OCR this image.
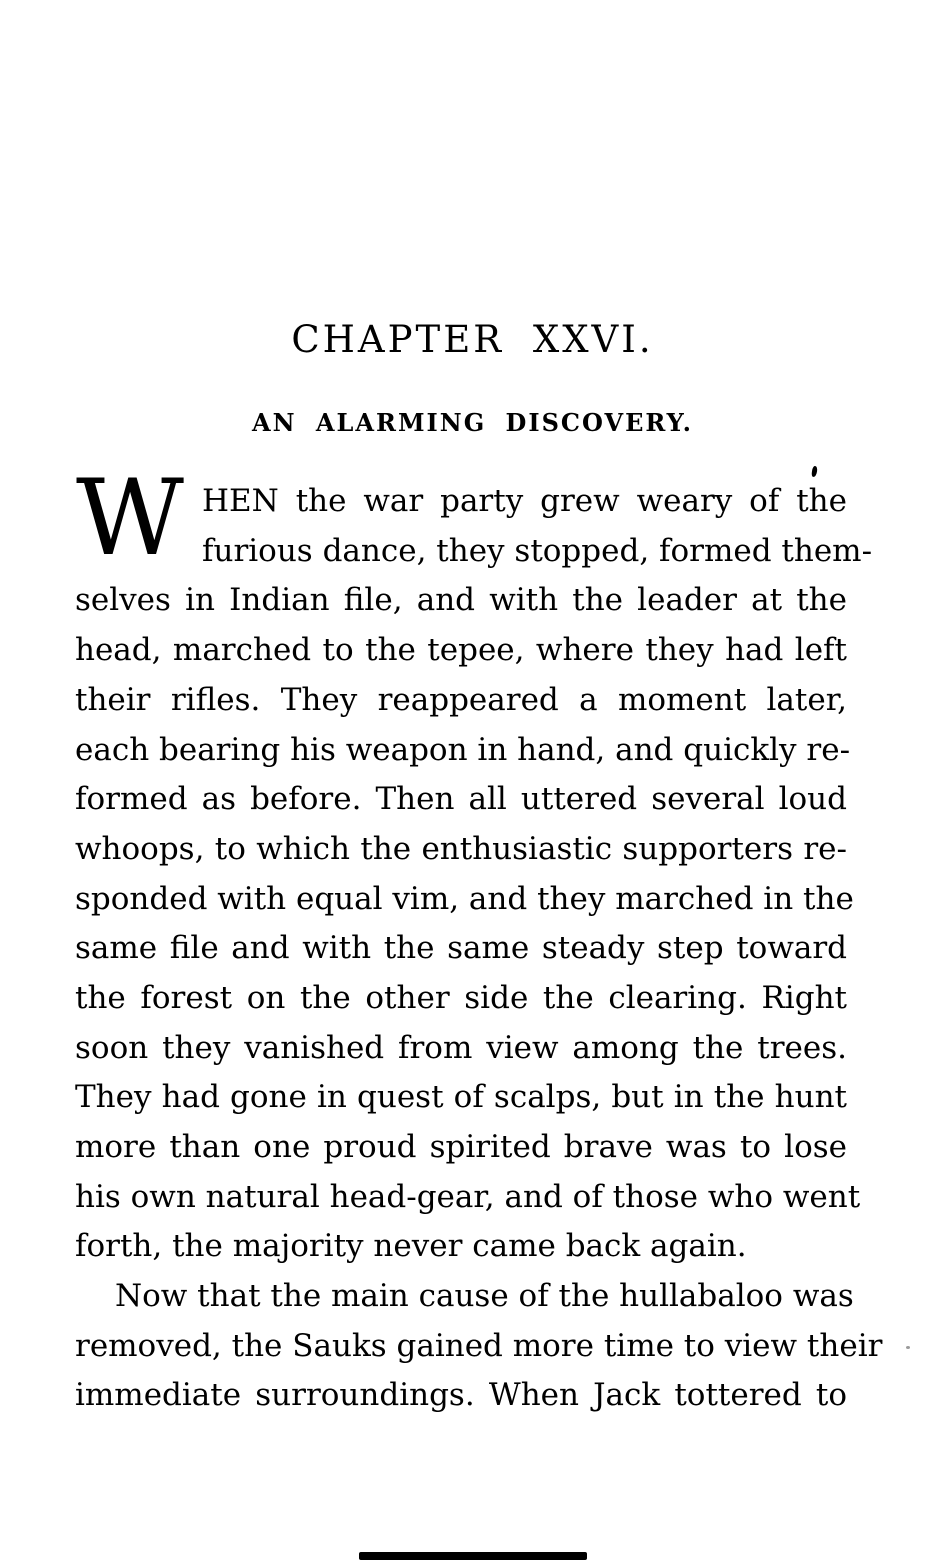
CHAPTER XXVI.
AN ALARMING DISCOVERY.
W HEN the war party grew weary of the
furious dance, they stopped, formed them-
selves in Indian file, and with the leader at the
head, marched to the tepee, where they had left
their rifles. They reappeared a moment later,
each bearing his weapon in hand, and quickly re-
formed as before. Then all uttered several loud
whoops, to which the enthusiastic supporters re-
sponded with equal vim, and they marched in the
same file and with the same steady step toward
the forest on the other side the clearing. Right
soon they vanished from view among the trees.
They had gone in quest of scalps, but in the hunt
more than one proud spirited brave was to lose
his own natural head-gear, and of those who went
forth, the majority never came back again.
Now that the main cause of the hullabaloo was
removed, the Sauks gained more time to view their
immediate surroundings. When Jack tottered to
